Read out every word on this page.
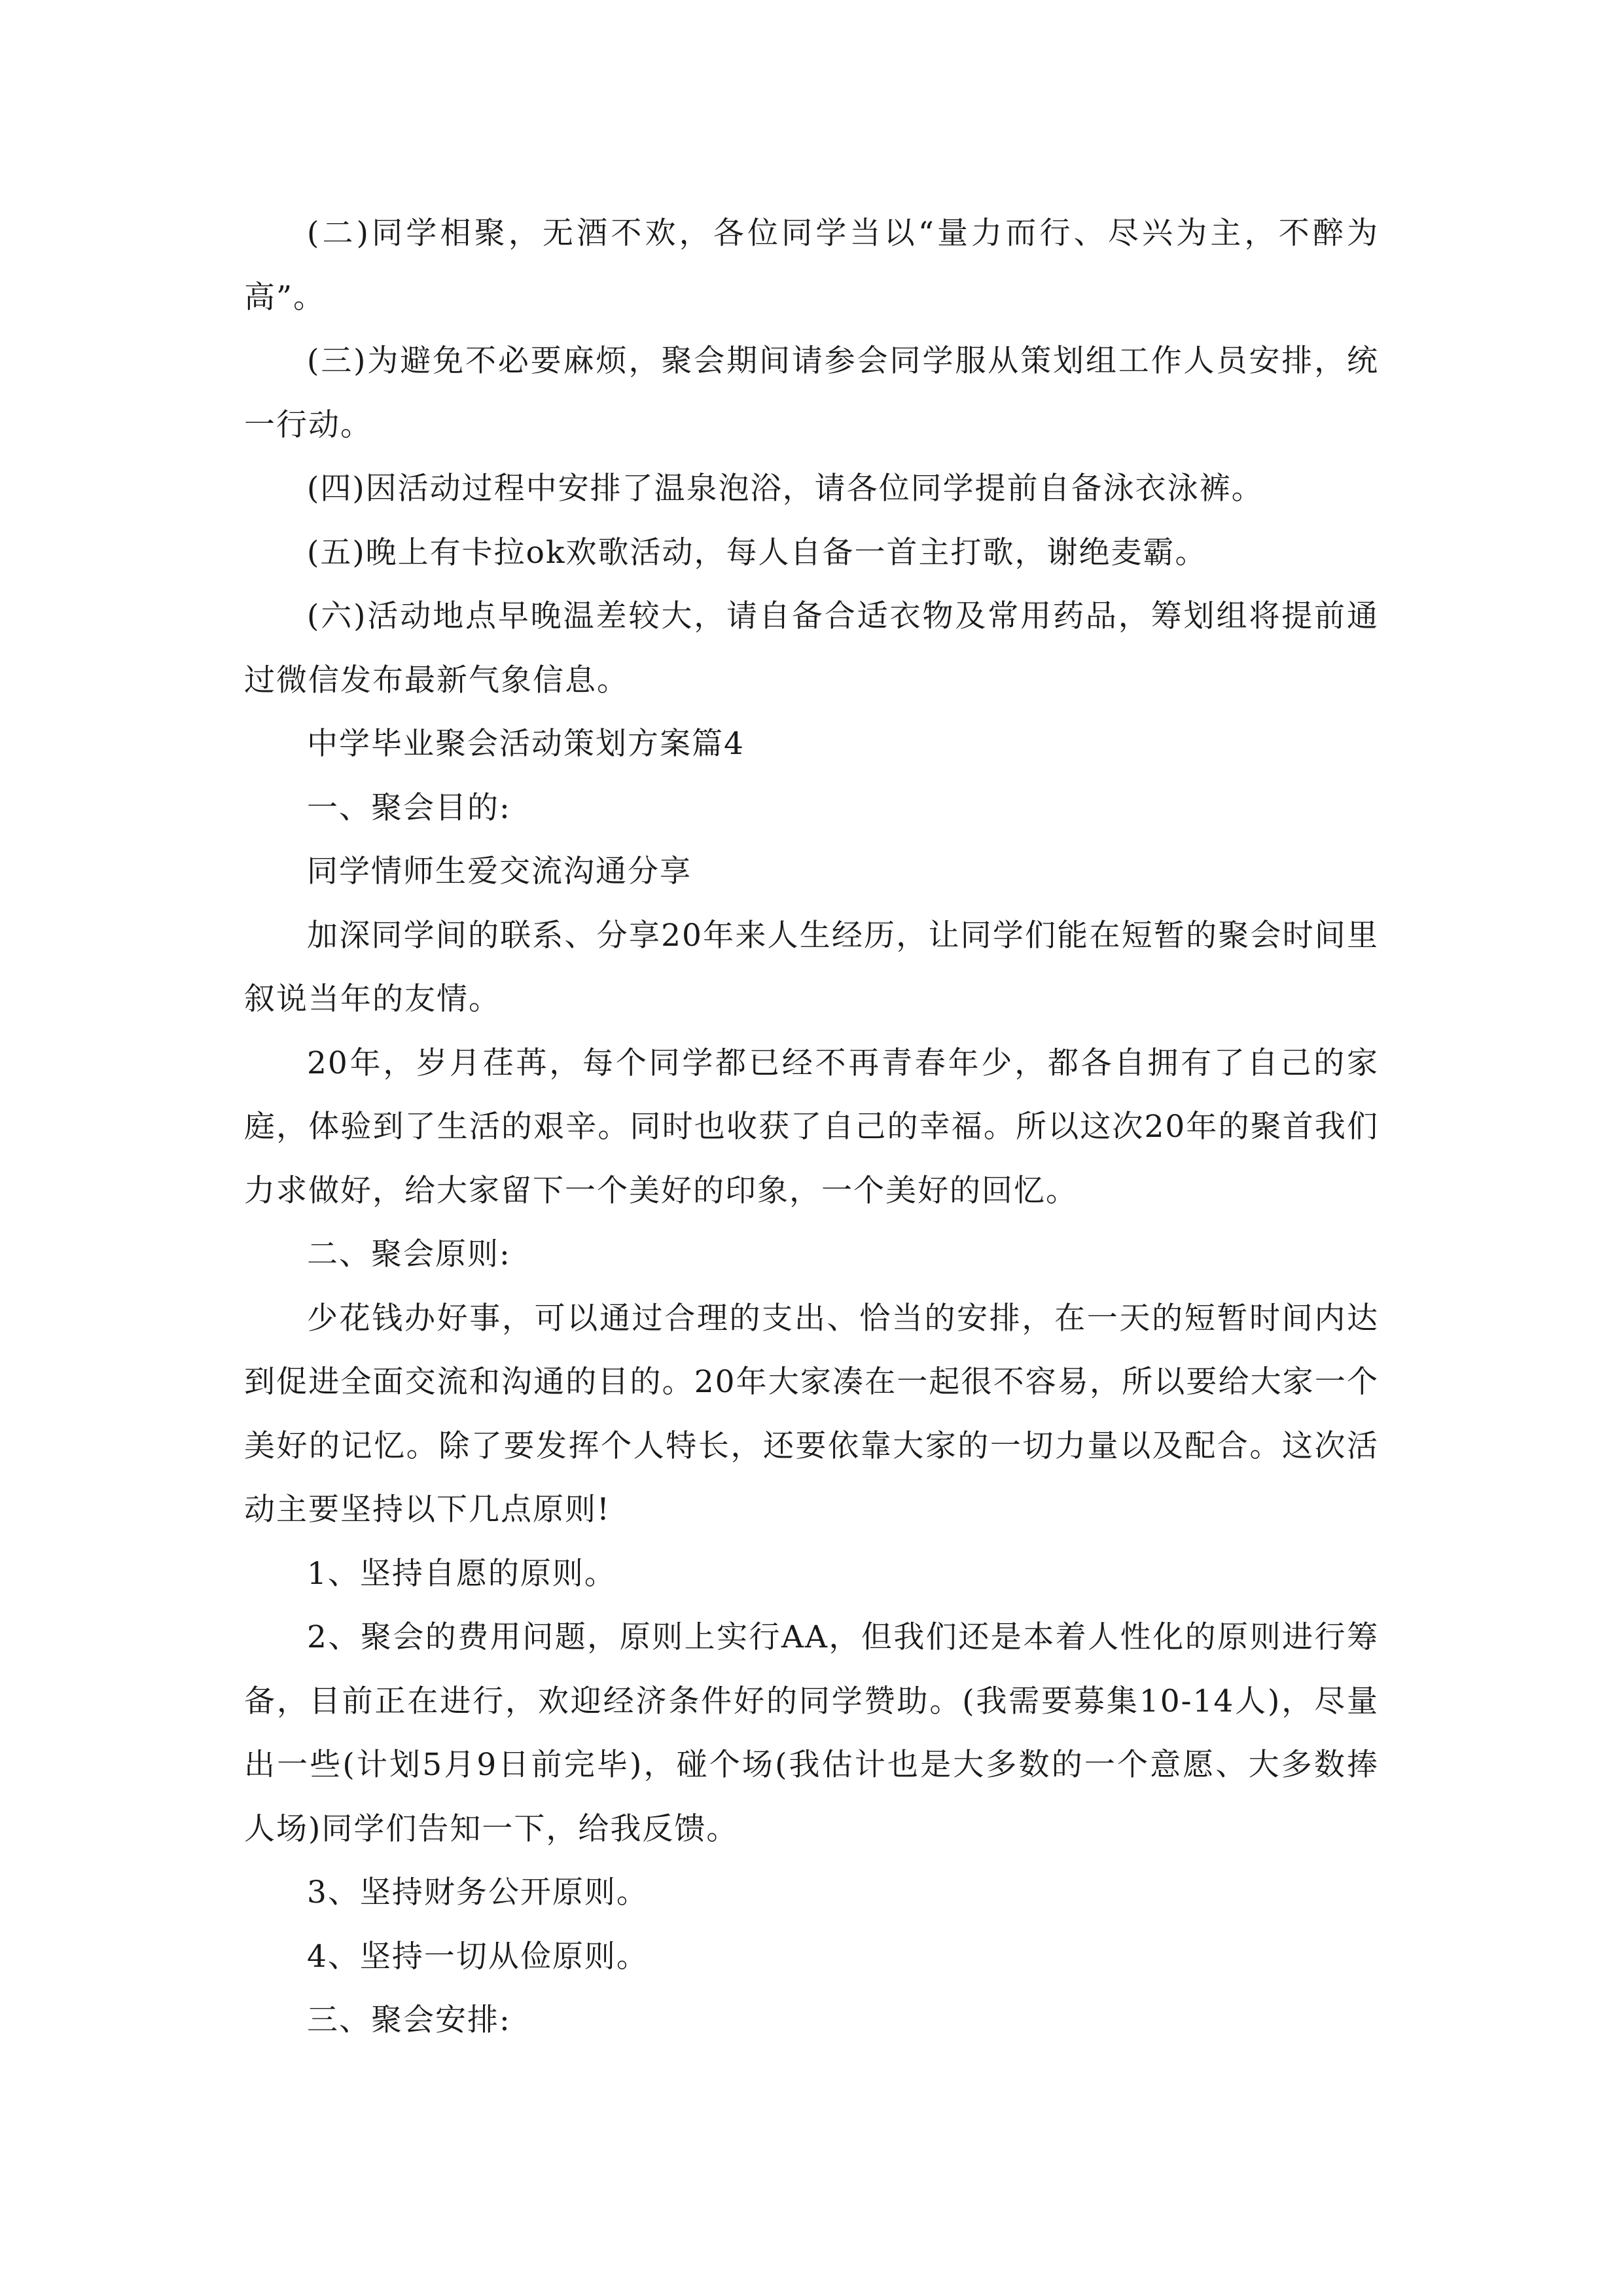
(二)同学相聚，无酒不欢，各位同学当以“量力而行、尽兴为主，不醉为高”。

(三)为避免不必要麻烦，聚会期间请参会同学服从策划组工作人员安排，统一行动。

(四)因活动过程中安排了温泉泡浴，请各位同学提前自备泳衣泳裤。

(五)晚上有卡拉ok欢歌活动，每人自备一首主打歌，谢绝麦霸。

(六)活动地点早晚温差较大，请自备合适衣物及常用药品，筹划组将提前通过微信发布最新气象信息。

中学毕业聚会活动策划方案篇4

一、聚会目的:

同学情师生爱交流沟通分享

加深同学间的联系、分享20年来人生经历，让同学们能在短暂的聚会时间里叙说当年的友情。

20年，岁月荏苒，每个同学都已经不再青春年少，都各自拥有了自己的家庭，体验到了生活的艰辛。同时也收获了自己的幸福。所以这次20年的聚首我们力求做好，给大家留下一个美好的印象，一个美好的回忆。

二、聚会原则:

少花钱办好事，可以通过合理的支出、恰当的安排，在一天的短暂时间内达到促进全面交流和沟通的目的。20年大家凑在一起很不容易，所以要给大家一个美好的记忆。除了要发挥个人特长，还要依靠大家的一切力量以及配合。这次活动主要坚持以下几点原则!

1、坚持自愿的原则。

2、聚会的费用问题，原则上实行AA，但我们还是本着人性化的原则进行筹备，目前正在进行，欢迎经济条件好的同学赞助。(我需要募集10-14人)，尽量出一些(计划5月9日前完毕)，碰个场(我估计也是大多数的一个意愿、大多数捧人场)同学们告知一下，给我反馈。

3、坚持财务公开原则。

4、坚持一切从俭原则。

三、聚会安排:
